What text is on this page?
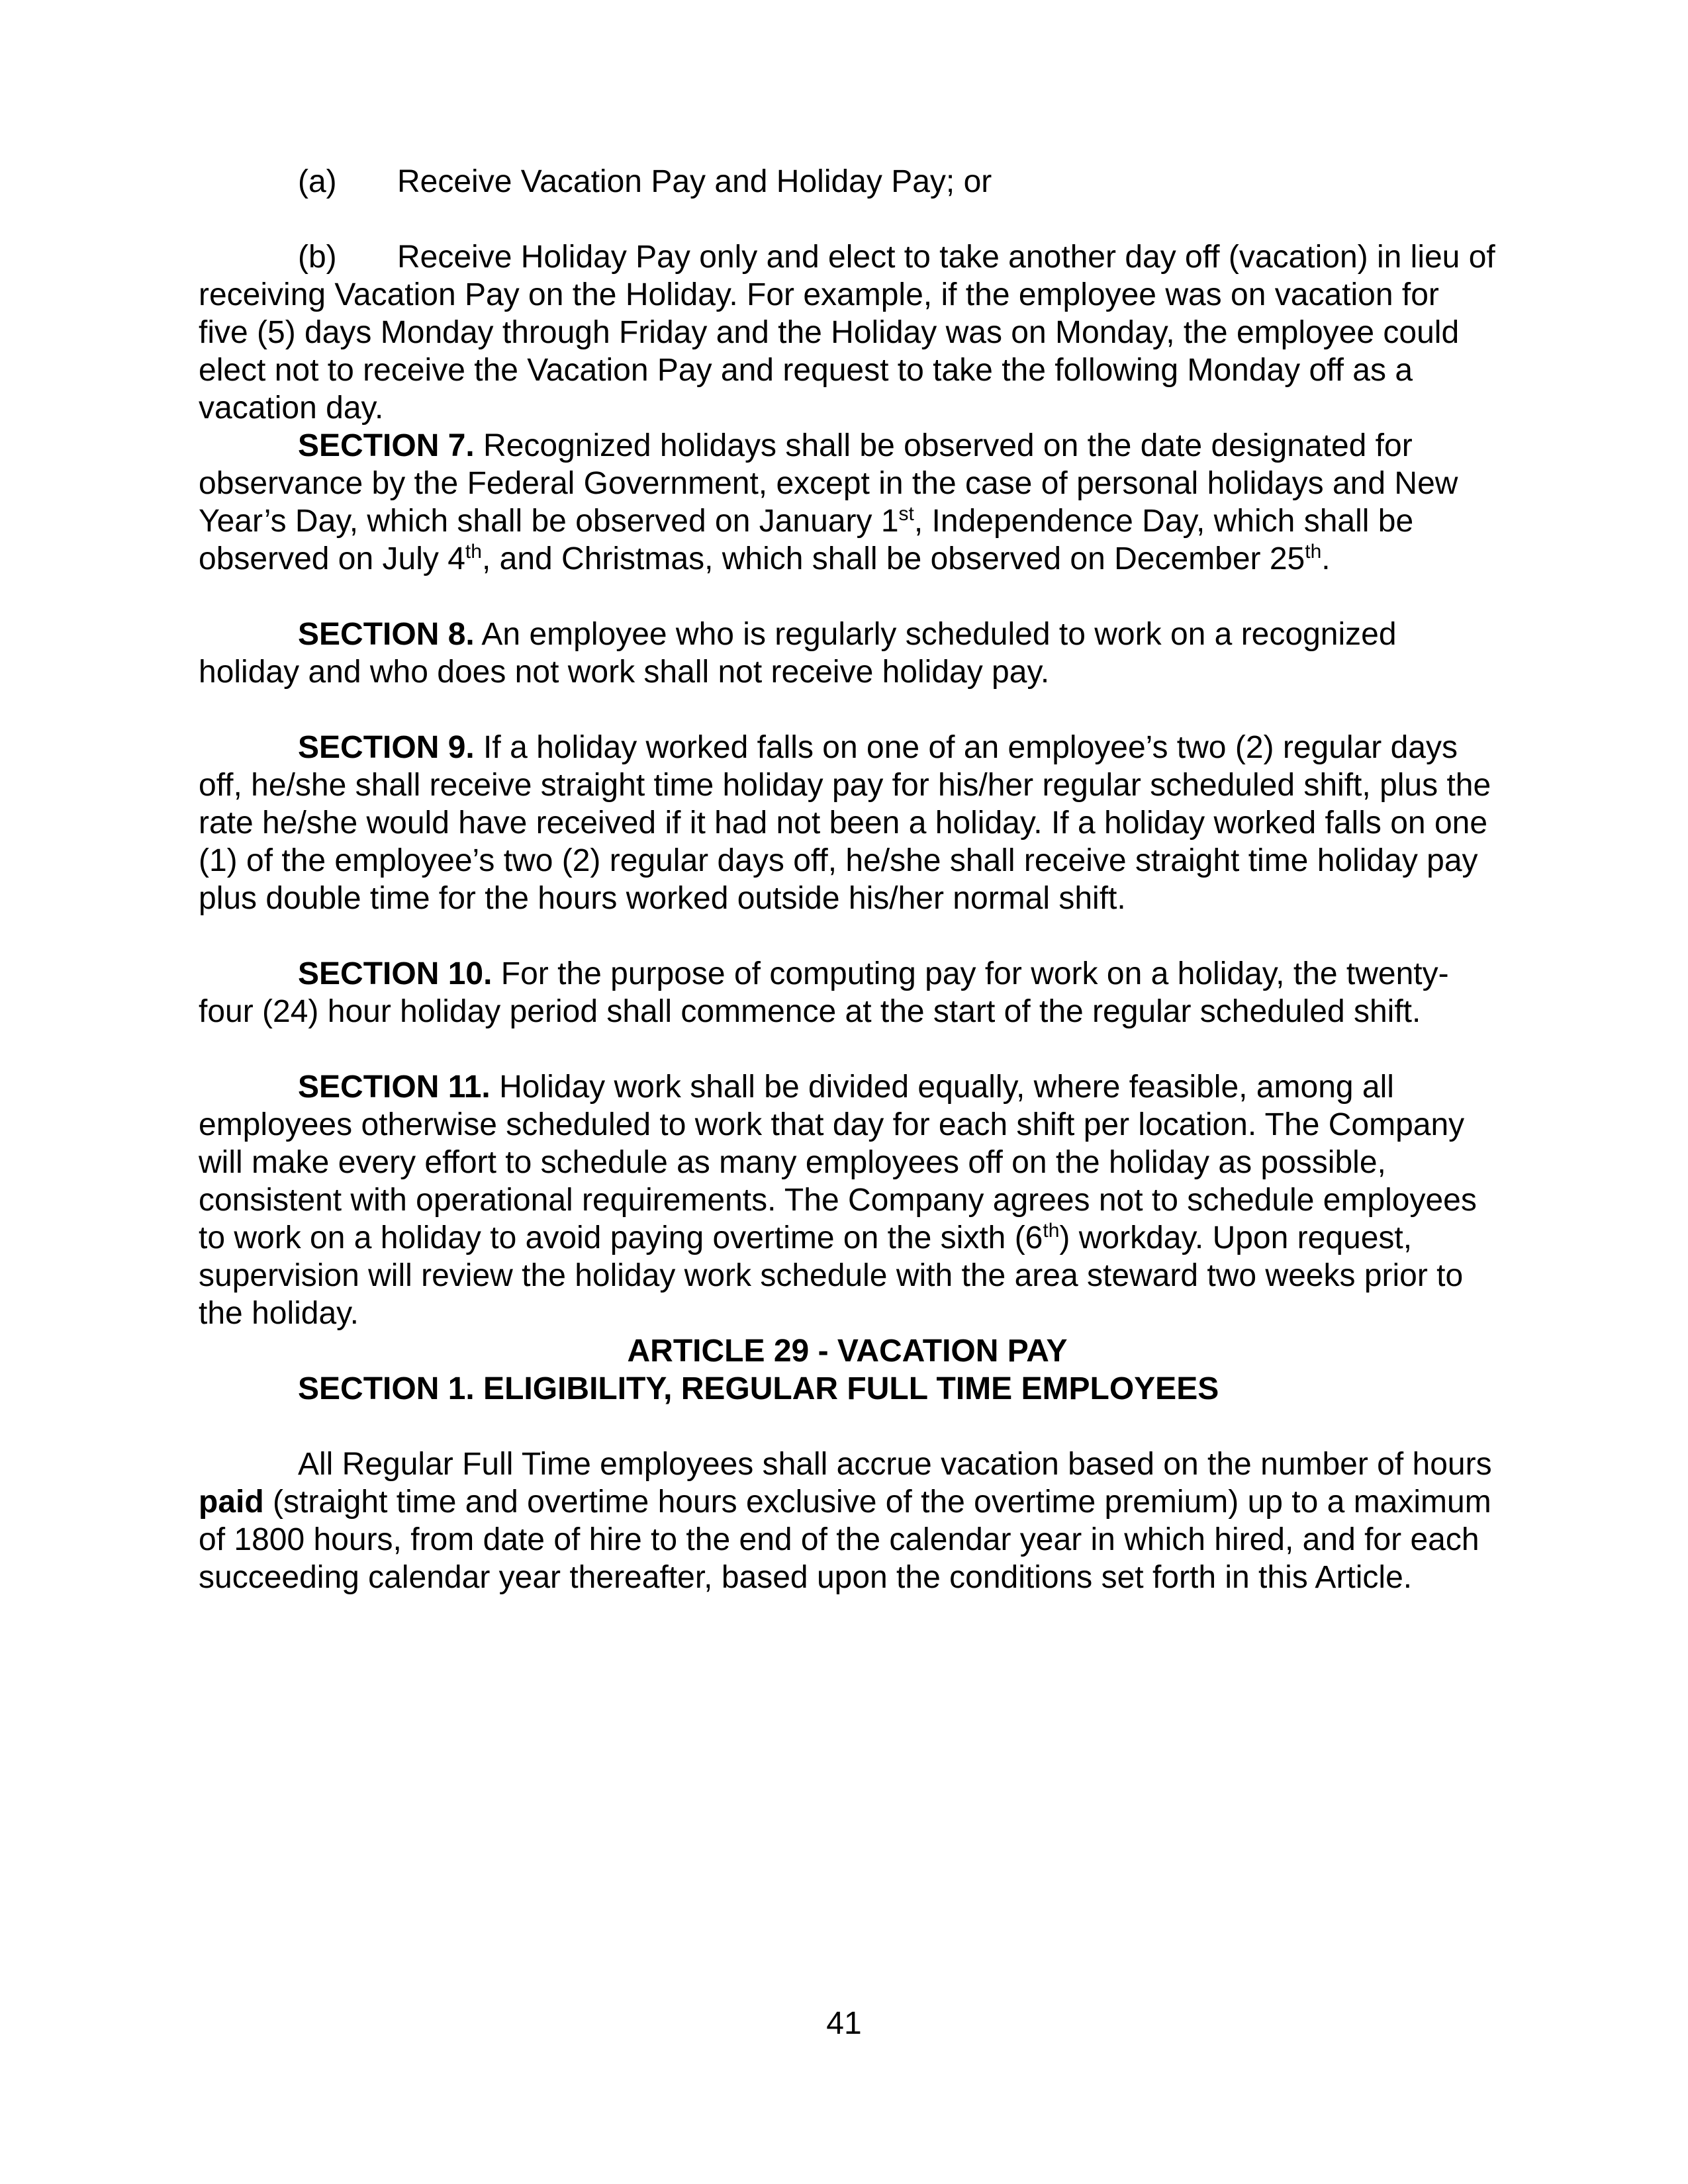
(a) Receive Vacation Pay and Holiday Pay; or

(b) Receive Holiday Pay only and elect to take another day off (vacation) in lieu of receiving Vacation Pay on the Holiday. For example, if the employee was on vacation for five (5) days Monday through Friday and the Holiday was on Monday, the employee could elect not to receive the Vacation Pay and request to take the following Monday off as a vacation day.

SECTION 7. Recognized holidays shall be observed on the date designated for observance by the Federal Government, except in the case of personal holidays and New Year’s Day, which shall be observed on January 1st, Independence Day, which shall be observed on July 4th, and Christmas, which shall be observed on December 25th.

SECTION 8. An employee who is regularly scheduled to work on a recognized holiday and who does not work shall not receive holiday pay.

SECTION 9. If a holiday worked falls on one of an employee’s two (2) regular days off, he/she shall receive straight time holiday pay for his/her regular scheduled shift, plus the rate he/she would have received if it had not been a holiday. If a holiday worked falls on one (1) of the employee’s two (2) regular days off, he/she shall receive straight time holiday pay plus double time for the hours worked outside his/her normal shift.

SECTION 10. For the purpose of computing pay for work on a holiday, the twenty-four (24) hour holiday period shall commence at the start of the regular scheduled shift.

SECTION 11. Holiday work shall be divided equally, where feasible, among all employees otherwise scheduled to work that day for each shift per location. The Company will make every effort to schedule as many employees off on the holiday as possible, consistent with operational requirements. The Company agrees not to schedule employees to work on a holiday to avoid paying overtime on the sixth (6th) workday. Upon request, supervision will review the holiday work schedule with the area steward two weeks prior to the holiday.

ARTICLE 29 - VACATION PAY

SECTION 1. ELIGIBILITY, REGULAR FULL TIME EMPLOYEES

All Regular Full Time employees shall accrue vacation based on the number of hours paid (straight time and overtime hours exclusive of the overtime premium) up to a maximum of 1800 hours, from date of hire to the end of the calendar year in which hired, and for each succeeding calendar year thereafter, based upon the conditions set forth in this Article.

41
